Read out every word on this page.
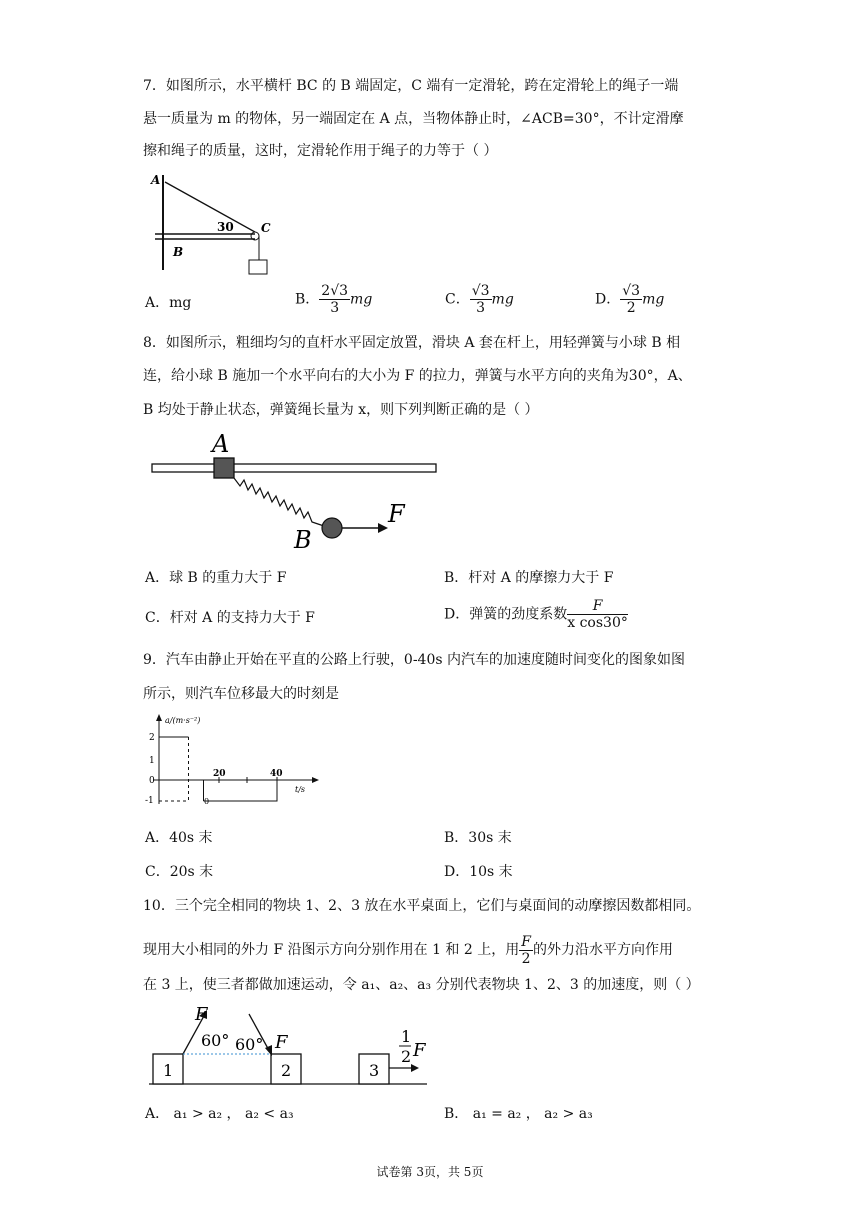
7．如图所示，水平横杆 BC 的 B 端固定，C 端有一定滑轮，跨在定滑轮上的绳子一端
悬一质量为 m 的物体，另一端固定在 A 点，当物体静止时，∠ACB=30°，不计定滑摩
擦和绳子的质量，这时，定滑轮作用于绳子的力等于（ ）
A
30 C
B
A．mg	B． $\frac{2√3}{3}$ mg	C． $\frac{√3}{3}$ mg	D． $\frac{√3}{2}$ mg
8．如图所示，粗细均匀的直杆水平固定放置，滑块 A 套在杆上，用轻弹簧与小球 B 相
连，给小球 B 施加一个水平向右的大小为 F 的拉力，弹簧与水平方向的夹角为30°，A、
B 均处于静止状态，弹簧绳长量为 x，则下列判断正确的是（ ）
A
B
F
A．球 B 的重力大于 F	B．杆对 A 的摩擦力大于 F
C．杆对 A 的支持力大于 F	D．弹簧的劲度系数 $\frac{F}{\text{x cos30°}}$
9．汽车由静止开始在平直的公路上行驶，0-40s 内汽车的加速度随时间变化的图象如图
所示，则汽车位移最大的时刻是
a/(m·s⁻²)
t/s
2
1
0
-1
20	40
0
A．40s 末	B．30s 末
C．20s 末	D．10s 末
10．三个完全相同的物块 1、2、3 放在水平桌面上，它们与桌面间的动摩擦因数都相同。
现用大小相同的外力 F 沿图示方向分别作用在 1 和 2 上，用 $\frac{F}{2}$ 的外力沿水平方向作用
在 3 上，使三者都做加速运动，令 a₁、a₂、a₃ 分别代表物块 1、2、3 的加速度，则（ ）
F
60° 60° F
1	2	3
1
2 F
A． a₁ > a₂ ， a₂ < a₃	B． a₁ = a₂ ， a₂ > a₃
试卷第 3页，共 5页
